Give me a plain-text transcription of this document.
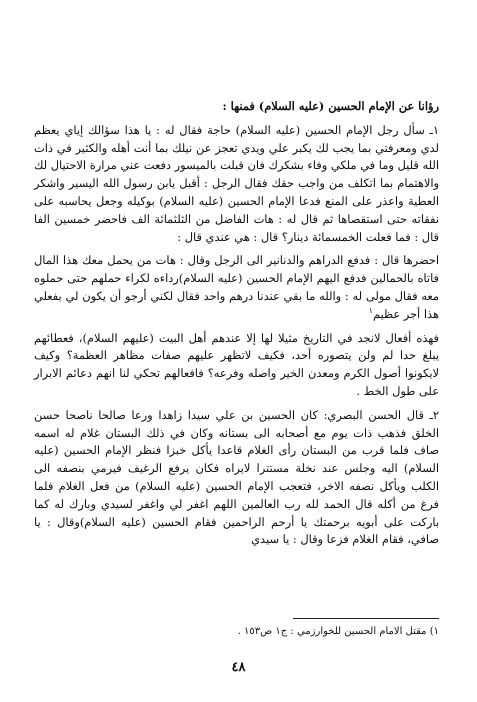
رؤانا عن الإمام الحسين (عليه السلام) فمنها :

١ـ سأل رجل الإمام الحسين (عليه السلام) حاجة فقال له : يا هذا سؤالك إياي يعظم لدي ومعرفتي بما يجب لك يكبر علي ويدي تعجز عن نيلك بما أنت أهله والكثير في ذات الله قليل وما في ملكي وفاء بشكرك فان قبلت بالميسور دفعت عني مرارة الاحتيال لك والاهتمام بما اتكلف من واجب حقك فقال الرجل : أقبل يابن رسول الله اليسير واشكر العطية واعذر على المنع فدعا الإمام الحسين (عليه السلام) بوكيله وجعل يحاسبه على نفقاته حتى استقصاها ثم قال له : هات الفاضل من الثلثمائة الف فاحضر خمسين الفا قال : فما فعلت الخمسمائة دينار؟ قال : هي عندي قال :

احضرها قال : فدفع الدراهم والدنانير الى الرجل وقال : هات من يحمل معك هذا المال فاتاه بالحمالين فدفع اليهم الإمام الحسين (عليه السلام)رداءه لكراء حملهم حتى حملوه معه فقال مولى له : والله ما بقي عندنا درهم واحد فقال لكني أرجو أن يكون لي بفعلي هذا أجر عظيم$^١$

فهذه أفعال لانجد في التاريخ مثيلا لها إلا عندهم أهل البيت (عليهم السلام)، فعطائهم يبلغ حدا لم ولن يتصوره أحد، فكيف لاتظهر عليهم صفات مظاهر العظمة؟ وكيف لايكونوا أصول الكرم ومعدن الخير واصله وفرعه؟ فافعالهم تحكي لنا انهم دعائم الابرار على طول الخط .

٢ـ قال الحسن البصري: كان الحسين بن علي سيدا زاهدا ورعا صالحا ناصحا حسن الخلق فذهب ذات يوم مع أصحابه الى بستانه وكان في ذلك البستان غلام له اسمه صاف فلما قرب من البستان رأى الغلام قاعدا يأكل خبزا فنظر الإمام الحسين (عليه السلام) اليه وجلس عند نخلة مستترا لايراه فكان يرفع الرغيف فيرمي بنصفه الى الكلب ويأكل نصفه الاخر، فتعجب الإمام الحسين (عليه السلام) من فعل الغلام فلما فرغ من أكله قال الحمد لله رب العالمين اللهم اغفر لي واغفر لسيدي وبارك له كما باركت على أبويه برحمتك يا أرحم الراحمين فقام الحسين (عليه السلام)وقال : يا صافي، فقام الغلام فزعا وقال : يا سيدي

١) مقتل الامام الحسين للخوارزمي : ج١ ص١٥٣ .
٤٨
